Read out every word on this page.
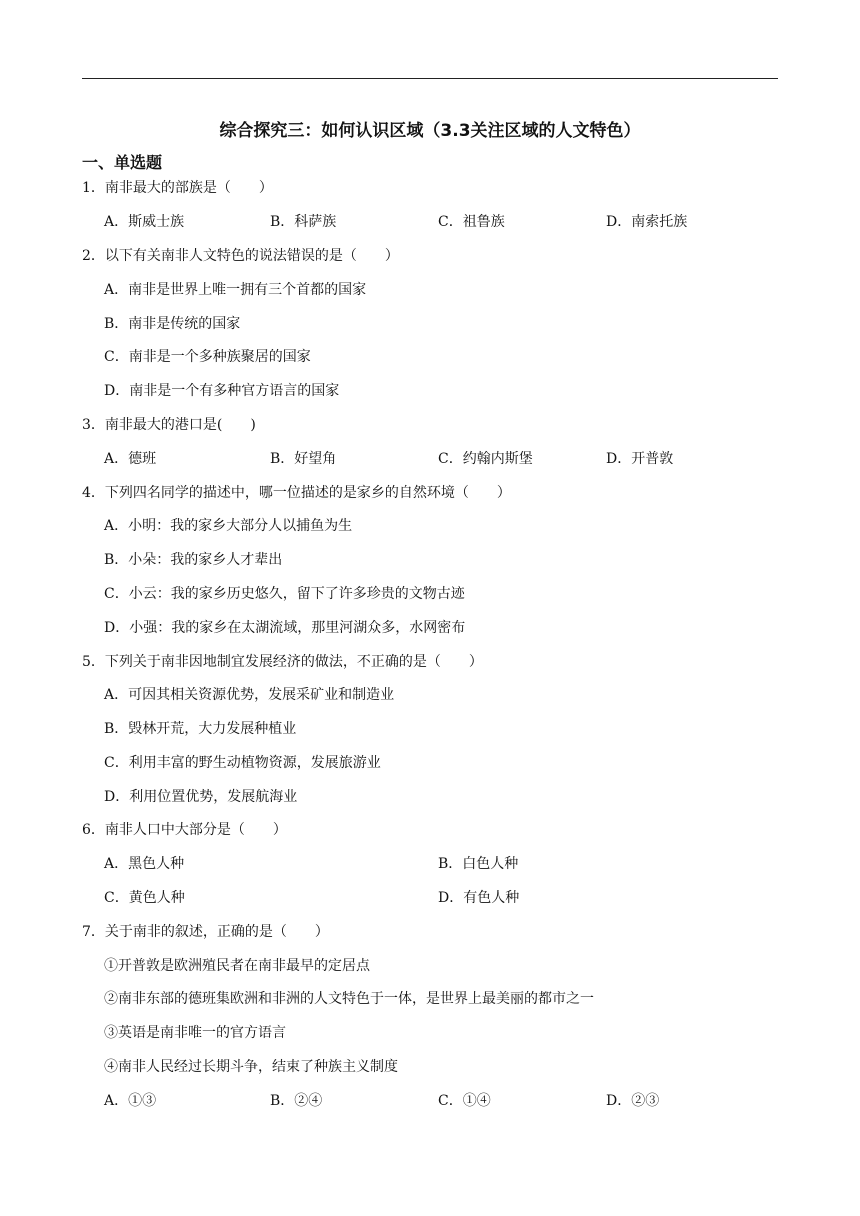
综合探究三：如何认识区域（3.3关注区域的人文特色）
一、单选题
1．南非最大的部族是（　　）
A．斯威士族	B．科萨族	C．祖鲁族	D．南索托族
2．以下有关南非人文特色的说法错误的是（　　）
A．南非是世界上唯一拥有三个首都的国家
B．南非是传统的国家
C．南非是一个多种族聚居的国家
D．南非是一个有多种官方语言的国家
3．南非最大的港口是(　　)
A．德班	B．好望角	C．约翰内斯堡	D．开普敦
4．下列四名同学的描述中，哪一位描述的是家乡的自然环境（　　）
A．小明：我的家乡大部分人以捕鱼为生
B．小朵：我的家乡人才辈出
C．小云：我的家乡历史悠久，留下了许多珍贵的文物古迹
D．小强：我的家乡在太湖流域，那里河湖众多，水网密布
5．下列关于南非因地制宜发展经济的做法，不正确的是（　　）
A．可因其相关资源优势，发展采矿业和制造业
B．毁林开荒，大力发展种植业
C．利用丰富的野生动植物资源，发展旅游业
D．利用位置优势，发展航海业
6．南非人口中大部分是（　　）
A．黑色人种	B．白色人种
C．黄色人种	D．有色人种
7．关于南非的叙述，正确的是（　　）
①开普敦是欧洲殖民者在南非最早的定居点
②南非东部的德班集欧洲和非洲的人文特色于一体，是世界上最美丽的都市之一
③英语是南非唯一的官方语言
④南非人民经过长期斗争，结束了种族主义制度
A．①③	B．②④	C．①④	D．②③
